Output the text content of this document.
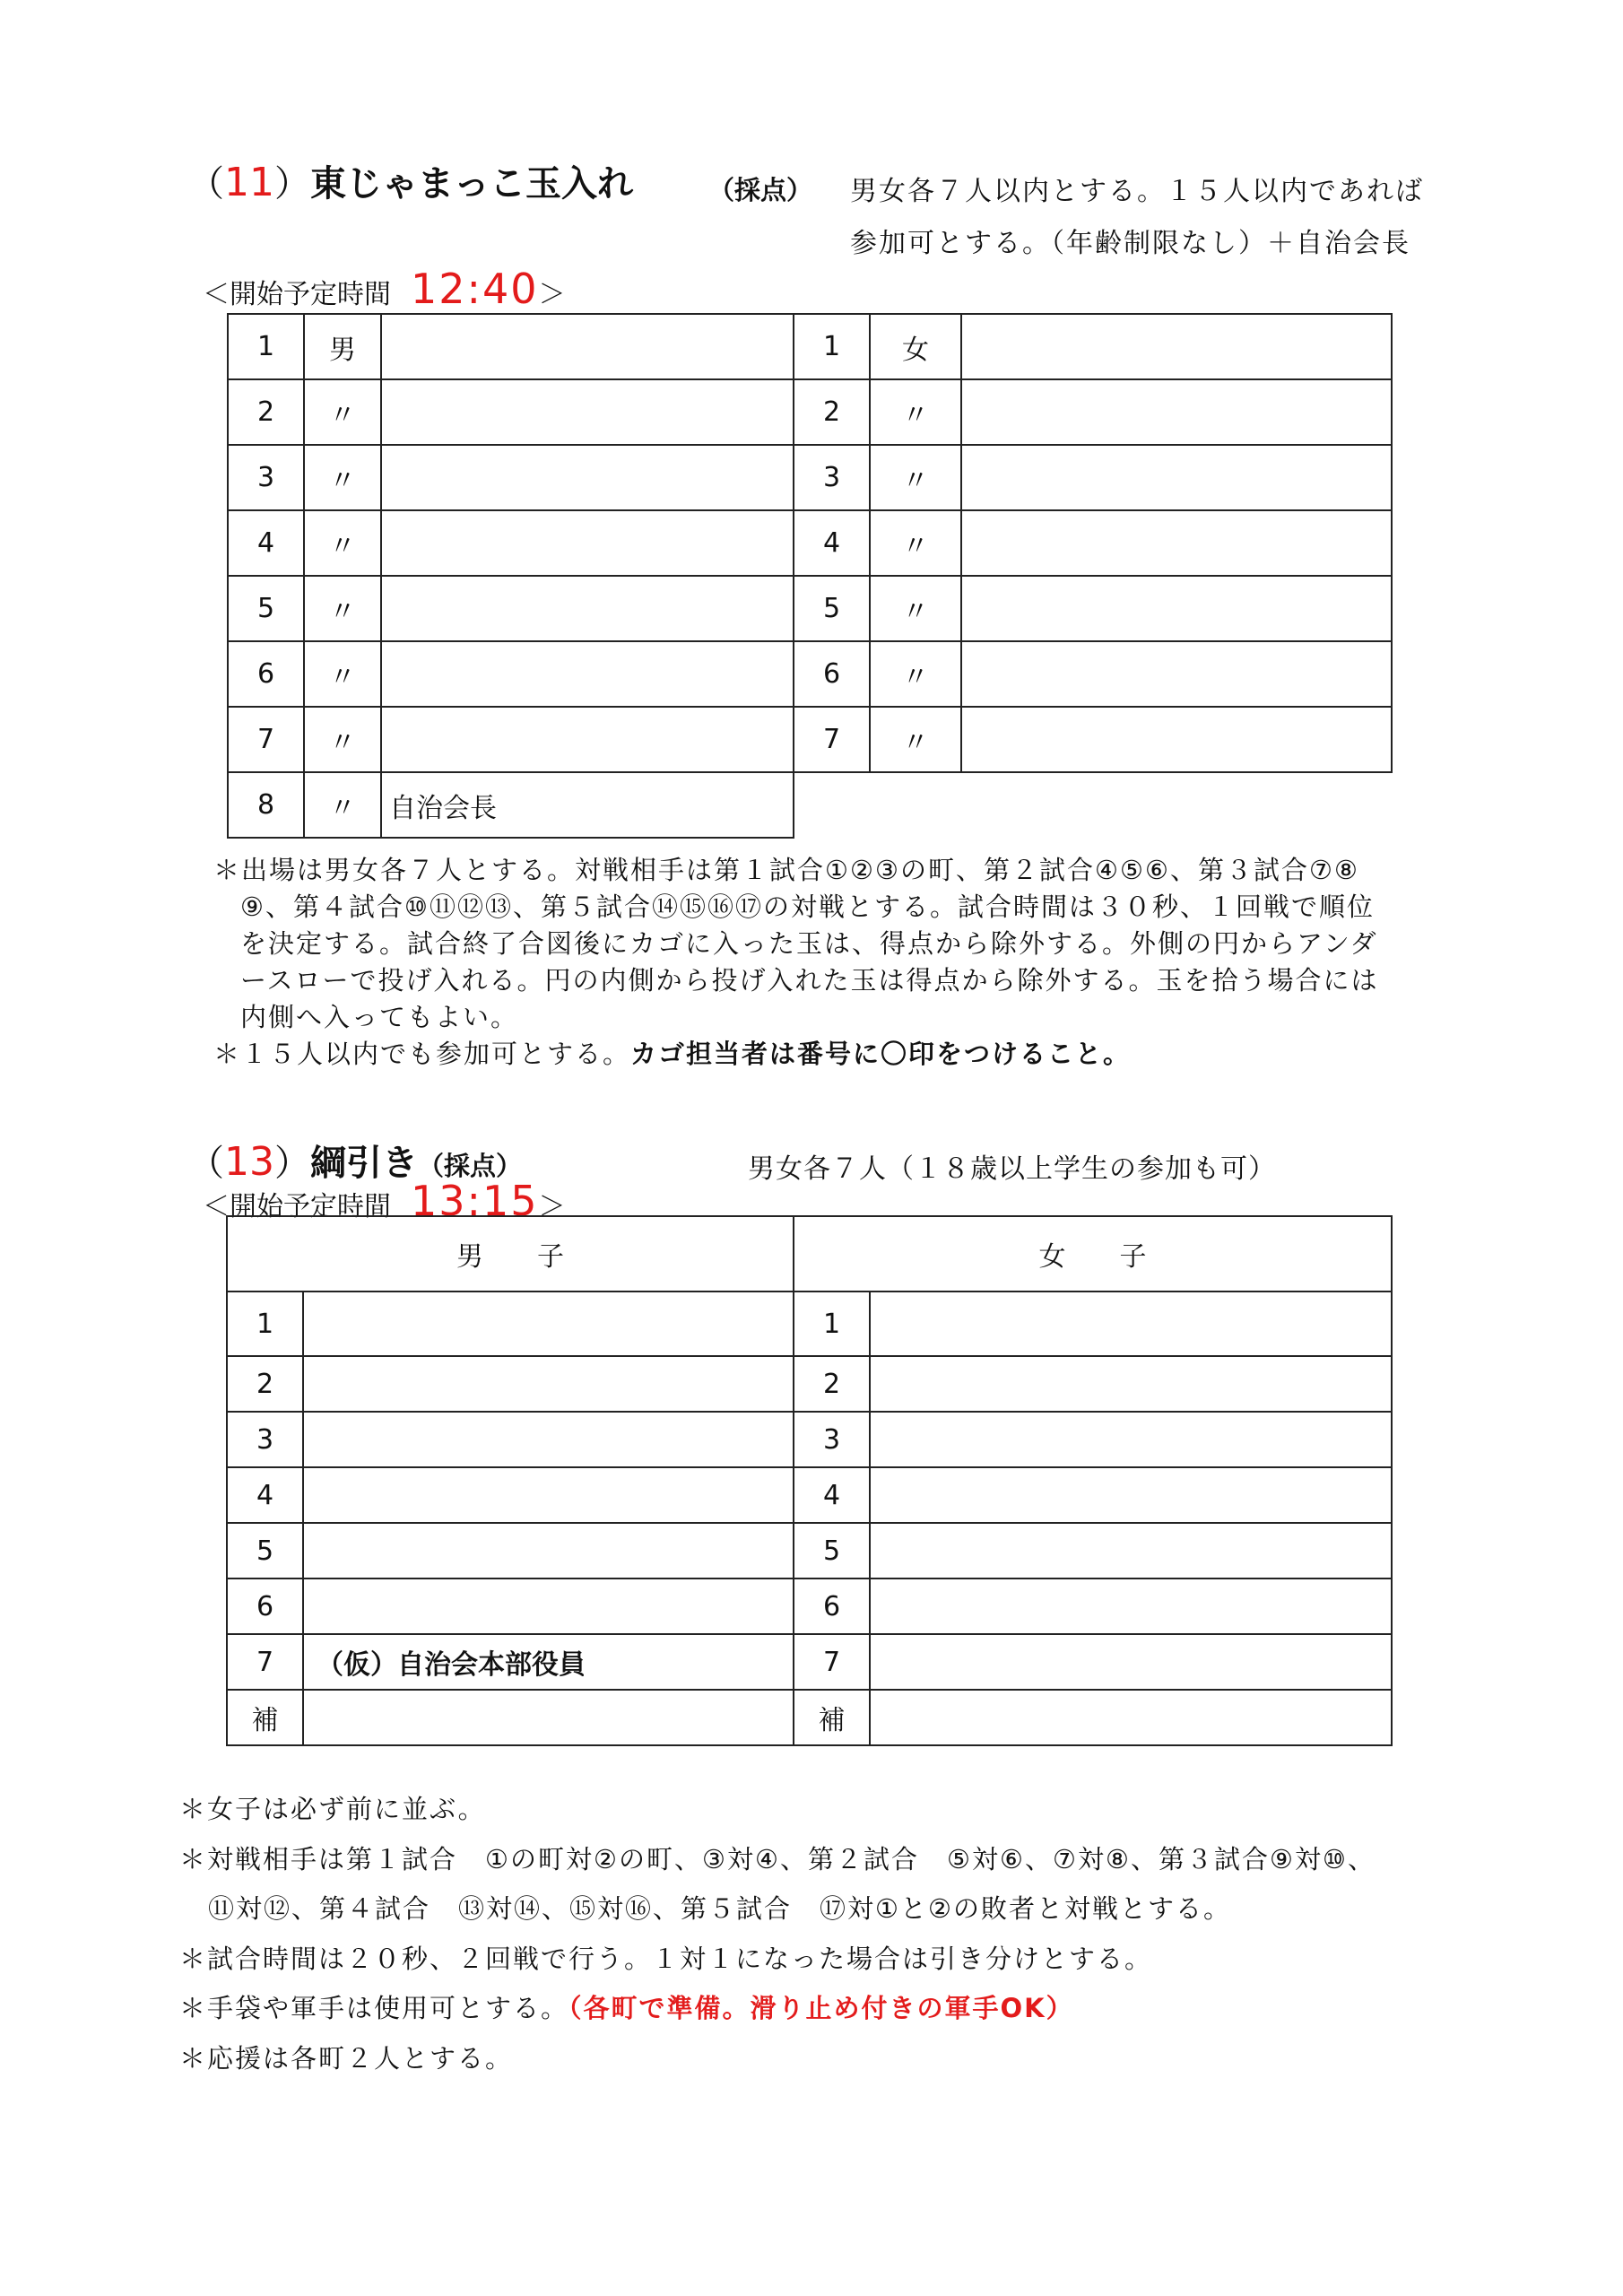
（11）東じゃまっこ玉入れ	（採点） 男女各７人以内とする。１５人以内であれば
参加可とする。（年齢制限なし）＋自治会長
＜開始予定時間 12:40＞
1	男		1	女	
2	〃		2	〃	
3	〃		3	〃	
4	〃		4	〃	
5	〃		5	〃	
6	〃		6	〃	
7	〃		7	〃	
8	〃	自治会長			
＊出場は男女各７人とする。対戦相手は第１試合①②③の町、第２試合④⑤⑥、第３試合⑦⑧
⑨、第４試合⑩⑪⑫⑬、第５試合⑭⑮⑯⑰の対戦とする。試合時間は３０秒、１回戦で順位
を決定する。試合終了合図後にカゴに入った玉は、得点から除外する。外側の円からアンダ
ースローで投げ入れる。円の内側から投げ入れた玉は得点から除外する。玉を拾う場合には
内側へ入ってもよい。
＊１５人以内でも参加可とする。カゴ担当者は番号に〇印をつけること。
（13）綱引き（採点）	男女各７人（１８歳以上学生の参加も可）
＜開始予定時間 13:15＞
男　　子		女　　子	
1		1	
2		2	
3		3	
4		4	
5		5	
6		6	
7	（仮）自治会本部役員	7	
補		補	
＊女子は必ず前に並ぶ。
＊対戦相手は第１試合　①の町対②の町、③対④、第２試合　⑤対⑥、⑦対⑧、第３試合⑨対⑩、
⑪対⑫、第４試合　⑬対⑭、⑮対⑯、第５試合　⑰対①と②の敗者と対戦とする。
＊試合時間は２０秒、２回戦で行う。１対１になった場合は引き分けとする。
＊手袋や軍手は使用可とする。（各町で準備。滑り止め付きの軍手OK）
＊応援は各町２人とする。
